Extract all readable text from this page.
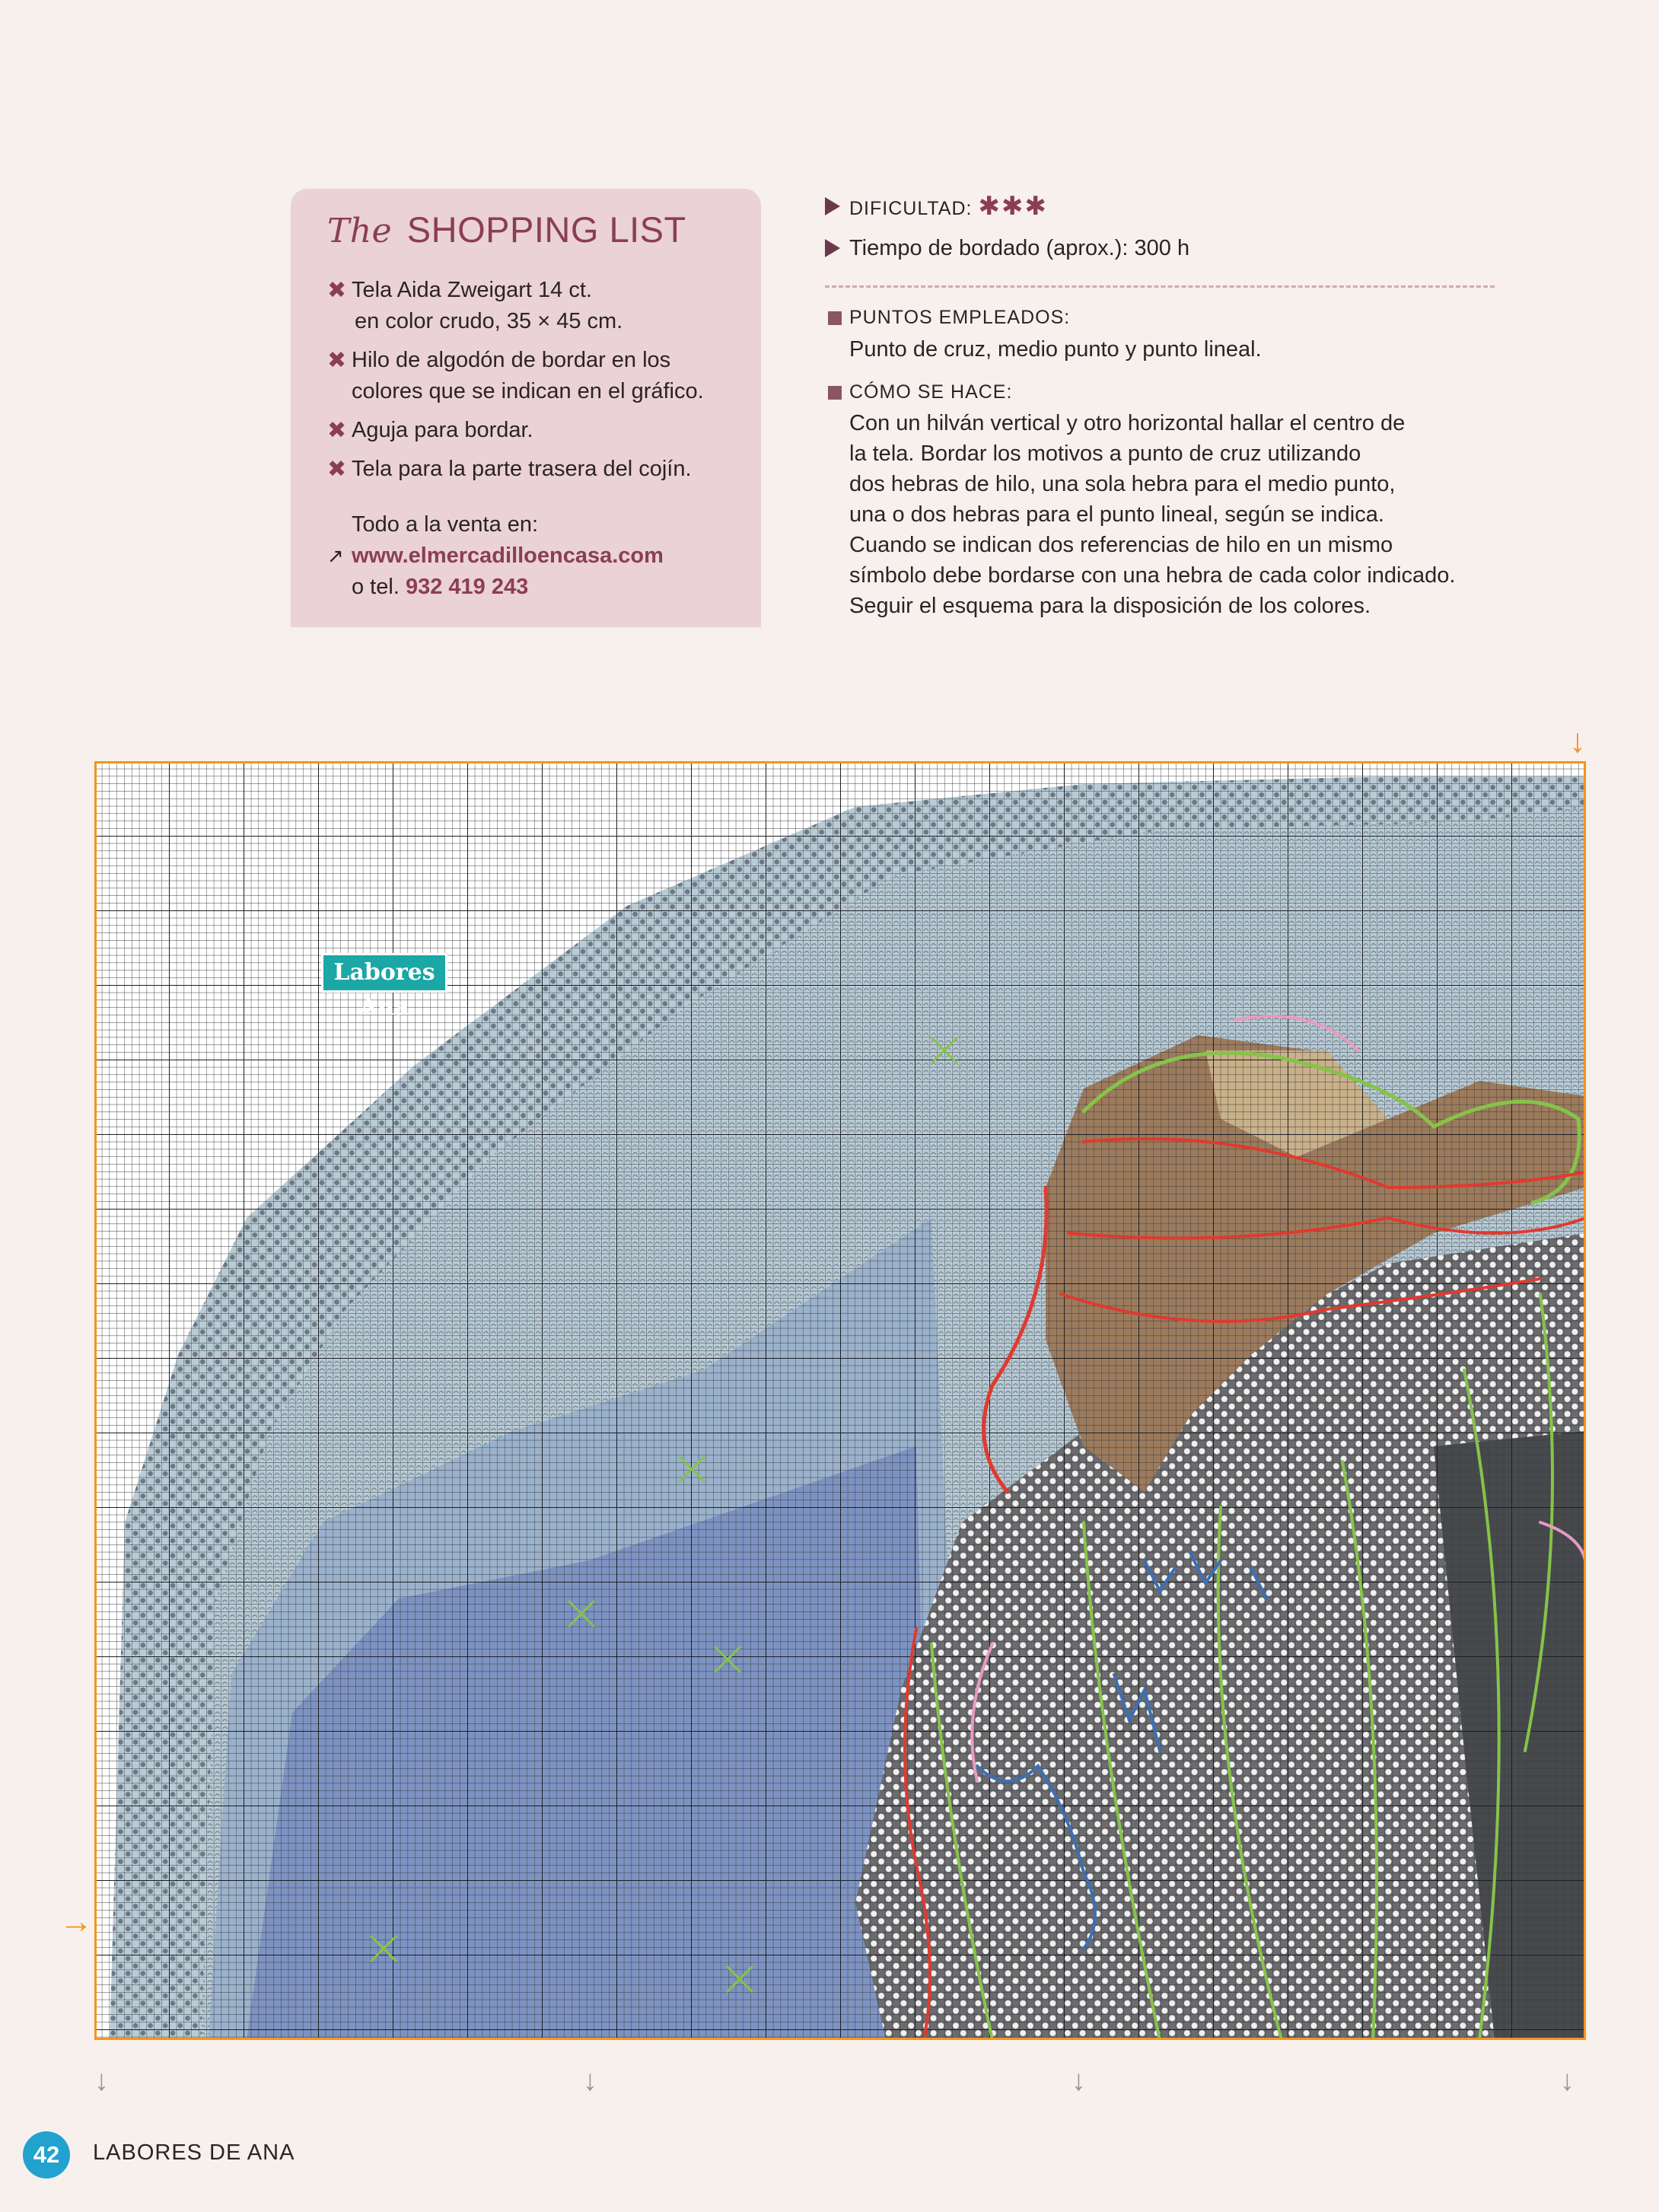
The SHOPPING LIST
✖ Tela Aida Zweigart 14 ct.
en color crudo, 35 × 45 cm.
✖ Hilo de algodón de bordar en los
colores que se indican en el gráfico.
✖ Aguja para bordar.
✖ Tela para la parte trasera del cojín.
↗
Todo a la venta en:
www.elmercadilloencasa.com
o tel. 932 419 243
DIFICULTAD: ✱✱✱
Tiempo de bordado (aprox.): 300 h
PUNTOS EMPLEADOS:
Punto de cruz, medio punto y punto lineal.
CÓMO SE HACE:
Con un hilván vertical y otro horizontal hallar el centro de
la tela. Bordar los motivos a punto de cruz utilizando
dos hebras de hilo, una sola hebra para el medio punto,
una o dos hebras para el punto lineal, según se indica.
Cuando se indican dos referencias de hilo en un mismo
símbolo debe bordarse con una hebra de cada color indicado.
Seguir el esquema para la disposición de los colores.
Labores Ana
↓
→
↓	↓	↓	↓
42	LABORES DE ANA
